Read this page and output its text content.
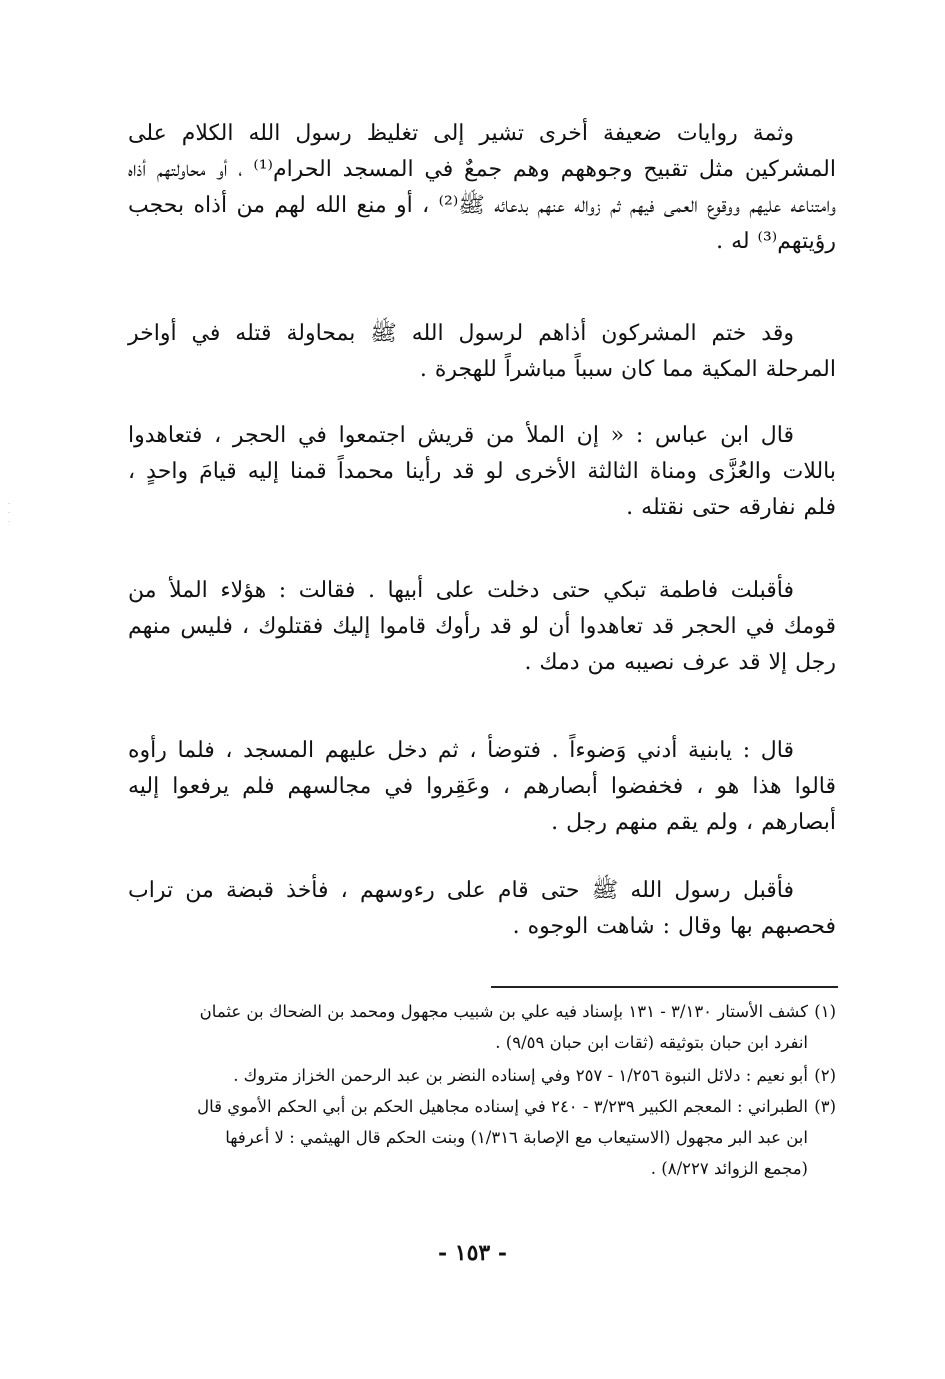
وثمة روايات ضعيفة أخرى تشير إلى تغليظ رسول الله الكلام على المشركين مثل تقبيح وجوههم وهم جمعٌ في المسجد الحرام⁽¹⁾ ، أو محاولتهم أذاه وامتناعه عليهم ووقوع العمى فيهم ثم زواله عنهم بدعائه ﷺ⁽²⁾ ، أو منع الله لهم من أذاه بحجب رؤيتهم⁽³⁾ له .

وقد ختم المشركون أذاهم لرسول الله ﷺ بمحاولة قتله في أواخر المرحلة المكية مما كان سبباً مباشراً للهجرة .

قال ابن عباس : « إن الملأ من قريش اجتمعوا في الحجر ، فتعاهدوا باللات والعُزَّى ومناة الثالثة الأخرى لو قد رأينا محمداً قمنا إليه قيامَ واحدٍ ، فلم نفارقه حتى نقتله .

فأقبلت فاطمة تبكي حتى دخلت على أبيها . فقالت : هؤلاء الملأ من قومك في الحجر قد تعاهدوا أن لو قد رأوك قاموا إليك فقتلوك ، فليس منهم رجل إلا قد عرف نصيبه من دمك .

قال : يابنية أدني وَضوءاً . فتوضأ ، ثم دخل عليهم المسجد ، فلما رأوه قالوا هذا هو ، فخفضوا أبصارهم ، وعَقِروا في مجالسهم فلم يرفعوا إليه أبصارهم ، ولم يقم منهم رجل .

فأقبل رسول الله ﷺ حتى قام على رءوسهم ، فأخذ قبضة من تراب فحصبهم بها وقال : شاهت الوجوه .

(١)كشف الأستار ٣/١٣٠ - ١٣١ بإسناد فيه علي بن شبيب مجهول ومحمد بن الضحاك بن عثمان

انفرد ابن حبان بتوثيقه (ثقات ابن حبان ٩/٥٩) .

(٢)أبو نعيم : دلائل النبوة ١/٢٥٦ - ٢٥٧ وفي إسناده النضر بن عبد الرحمن الخزاز متروك .

(٣)الطبراني : المعجم الكبير ٣/٢٣٩ - ٢٤٠ في إسناده مجاهيل الحكم بن أبي الحكم الأموي قال

ابن عبد البر مجهول (الاستيعاب مع الإصابة ١/٣١٦) وبنت الحكم قال الهيثمي : لا أعرفها

(مجمع الزوائد ٨/٢٢٧) .

- ١٥٣ -
·
·
·
